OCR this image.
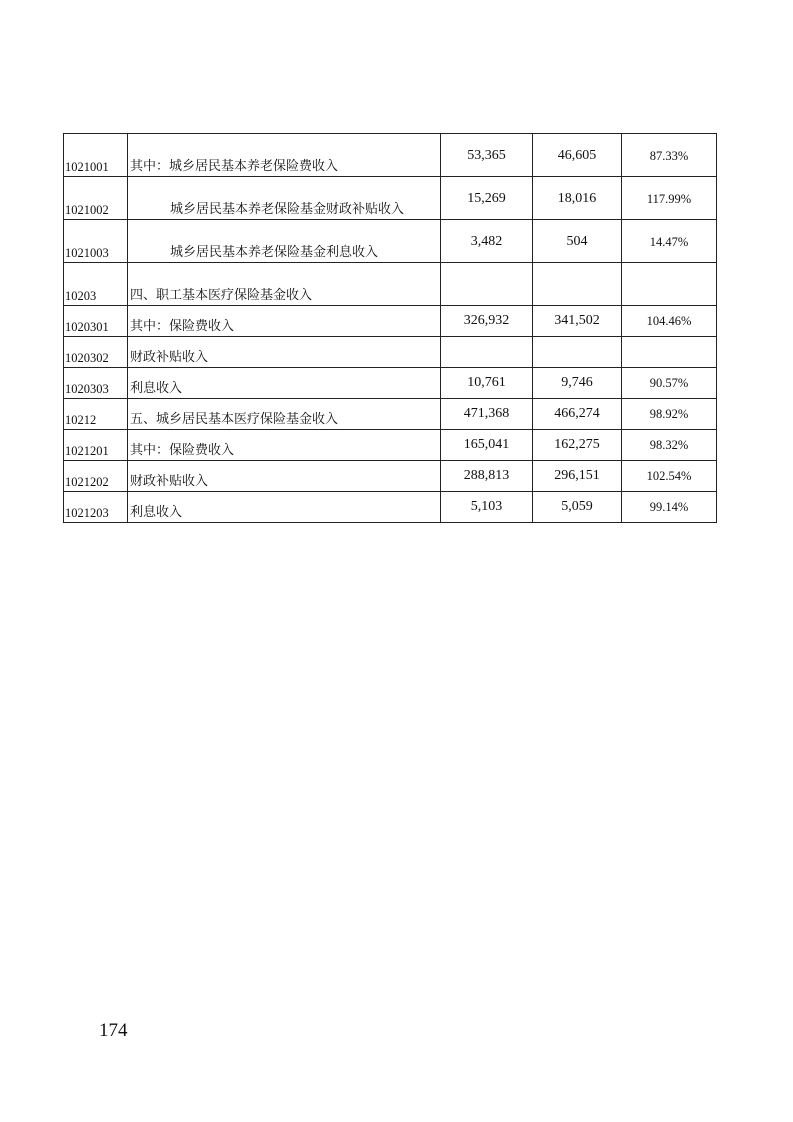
1021001	其中：城乡居民基本养老保险费收入	53,365	46,605	87.33%
1021002	城乡居民基本养老保险基金财政补贴收入	15,269	18,016	117.99%
1021003	城乡居民基本养老保险基金利息收入	3,482	504	14.47%
10203	四、职工基本医疗保险基金收入			
1020301	其中：保险费收入	326,932	341,502	104.46%
1020302	财政补贴收入			
1020303	利息收入	10,761	9,746	90.57%
10212	五、城乡居民基本医疗保险基金收入	471,368	466,274	98.92%
1021201	其中：保险费收入	165,041	162,275	98.32%
1021202	财政补贴收入	288,813	296,151	102.54%
1021203	利息收入	5,103	5,059	99.14%
174
